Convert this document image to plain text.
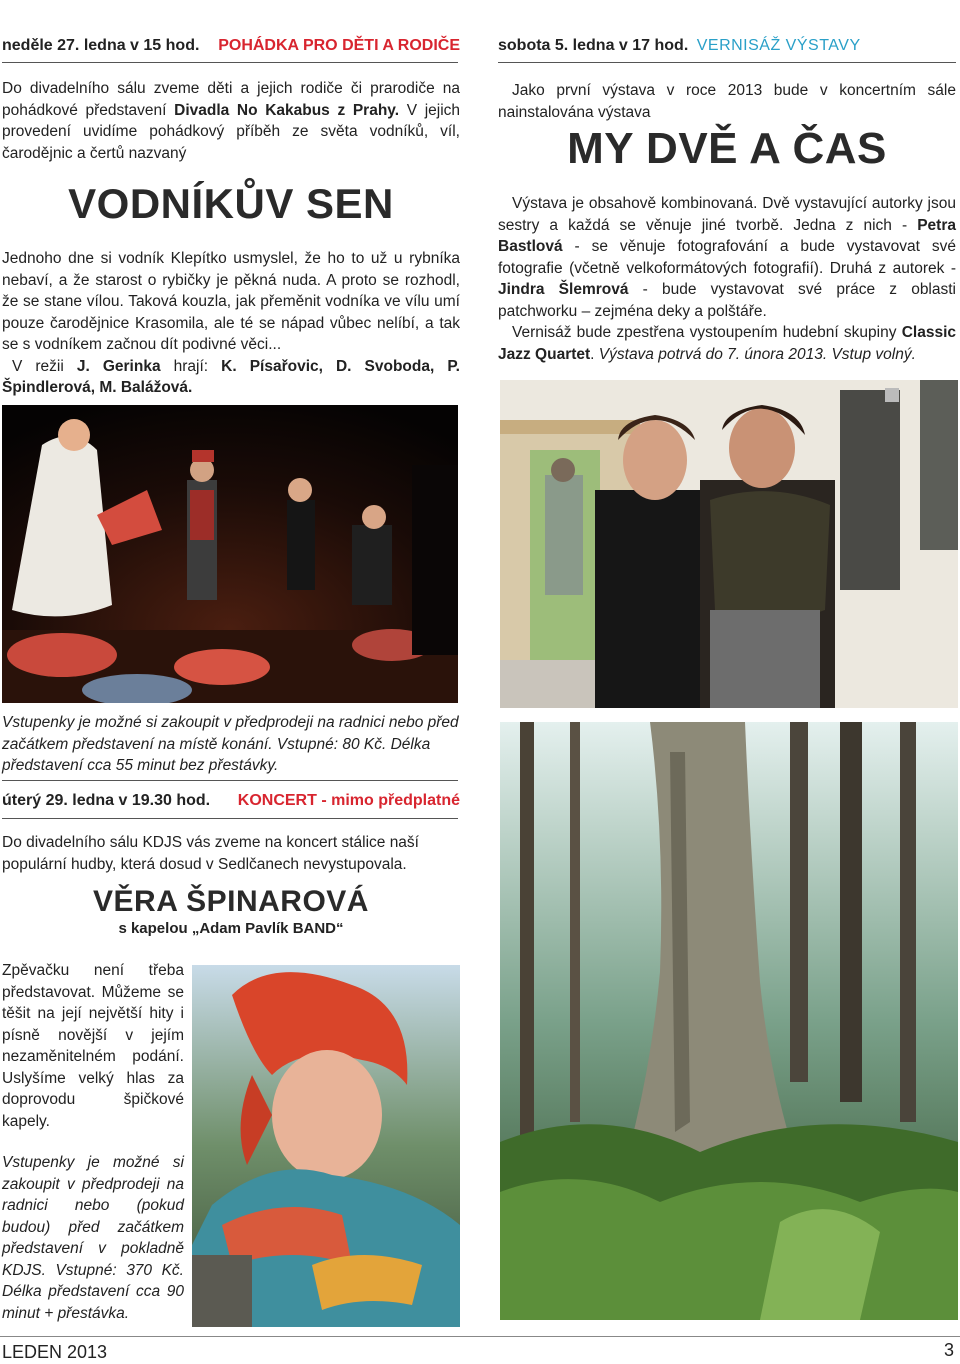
neděle 27. ledna v 15 hod. POHÁDKA PRO DĚTI A RODIČE
Do divadelního sálu zveme děti a jejich rodiče či prarodiče na pohádkové představení Divadla No Kakabus z Prahy. V jejich provedení uvidíme pohádkový příběh ze světa vodníků, víl, čarodějnic a čertů nazvaný
VODNÍKŮV SEN
Jednoho dne si vodník Klepítko usmyslel, že ho to už u rybníka nebaví, a že starost o rybičky je pěkná nuda. A proto se rozhodl, že se stane vílou. Taková kouzla, jak přeměnit vodníka ve vílu umí pouze čarodějnice Krasomila, ale té se nápad vůbec nelíbí, a tak se s vodníkem začnou dít podivné věci...
V režii J. Gerinka hrají: K. Písařovic, D. Svoboda, P. Špindlerová, M. Balážová.
Vstupenky je možné si zakoupit v předprodeji na radnici nebo před začátkem představení na místě konání. Vstupné: 80 Kč. Délka představení cca 55 minut bez přestávky.
úterý 29. ledna v 19.30 hod. KONCERT - mimo předplatné
Do divadelního sálu KDJS vás zveme na koncert stálice naší populární hudby, která dosud v Sedlčanech nevystupovala.
VĚRA ŠPINAROVÁ
s kapelou „Adam Pavlík BAND“
Zpěvačku není třeba představovat. Můžeme se těšit na její největší hity i písně novější v jejím nezaměnitelném podání. Uslyšíme velký hlas za doprovodu špičkové kapely.
Vstupenky je možné si zakoupit v předprodeji na radnici nebo (pokud budou) před začátkem představení v pokladně KDJS. Vstupné: 370 Kč. Délka představení cca 90 minut + přestávka.
sobota 5. ledna v 17 hod. VERNISÁŽ VÝSTAVY
Jako první výstava v roce 2013 bude v koncertním sále nainstalována výstava
MY DVĚ A ČAS
Výstava je obsahově kombinovaná. Dvě vystavující autorky jsou sestry a každá se věnuje jiné tvorbě. Jedna z nich - Petra Bastlová - se věnuje fotografování a bude vystavovat své fotografie (včetně velkoformátových fotografií). Druhá z autorek - Jindra Šlemrová - bude vystavovat své práce z oblasti patchworku – zejména deky a polštáře.
Vernisáž bude zpestřena vystoupením hudební skupiny Classic Jazz Quartet. Výstava potrvá do 7. února 2013. Vstup volný.
LEDEN 2013	3
